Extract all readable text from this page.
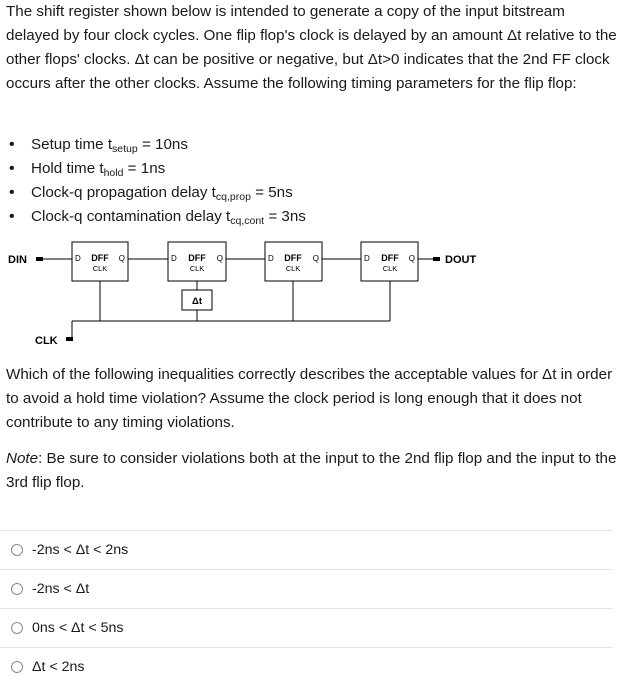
The shift register shown below is intended to generate a copy of the input bitstream delayed by four clock cycles. One flip flop's clock is delayed by an amount Δt relative to the other flops' clocks. Δt can be positive or negative, but Δt>0 indicates that the 2nd FF clock occurs after the other clocks. Assume the following timing parameters for the flip flop:

• Setup time $t_{setup} = 10ns$
• Hold time $t_{hold} = 1ns$
• Clock-q propagation delay $t_{cq,prop} = 5ns$
• Clock-q contamination delay $t_{cq,cont} = 3ns$
DIN	DOUT
CLK
Δt
D DFF Q
CLK
D DFF Q
CLK
D DFF Q
CLK
D DFF Q
CLK

Which of the following inequalities correctly describes the acceptable values for Δt in order to avoid a hold time violation? Assume the clock period is long enough that it does not contribute to any timing violations.

Note: Be sure to consider violations both at the input to the 2nd flip flop and the input to the 3rd flip flop.

-2ns < Δt < 2ns
-2ns < Δt
0ns < Δt < 5ns
Δt < 2ns
